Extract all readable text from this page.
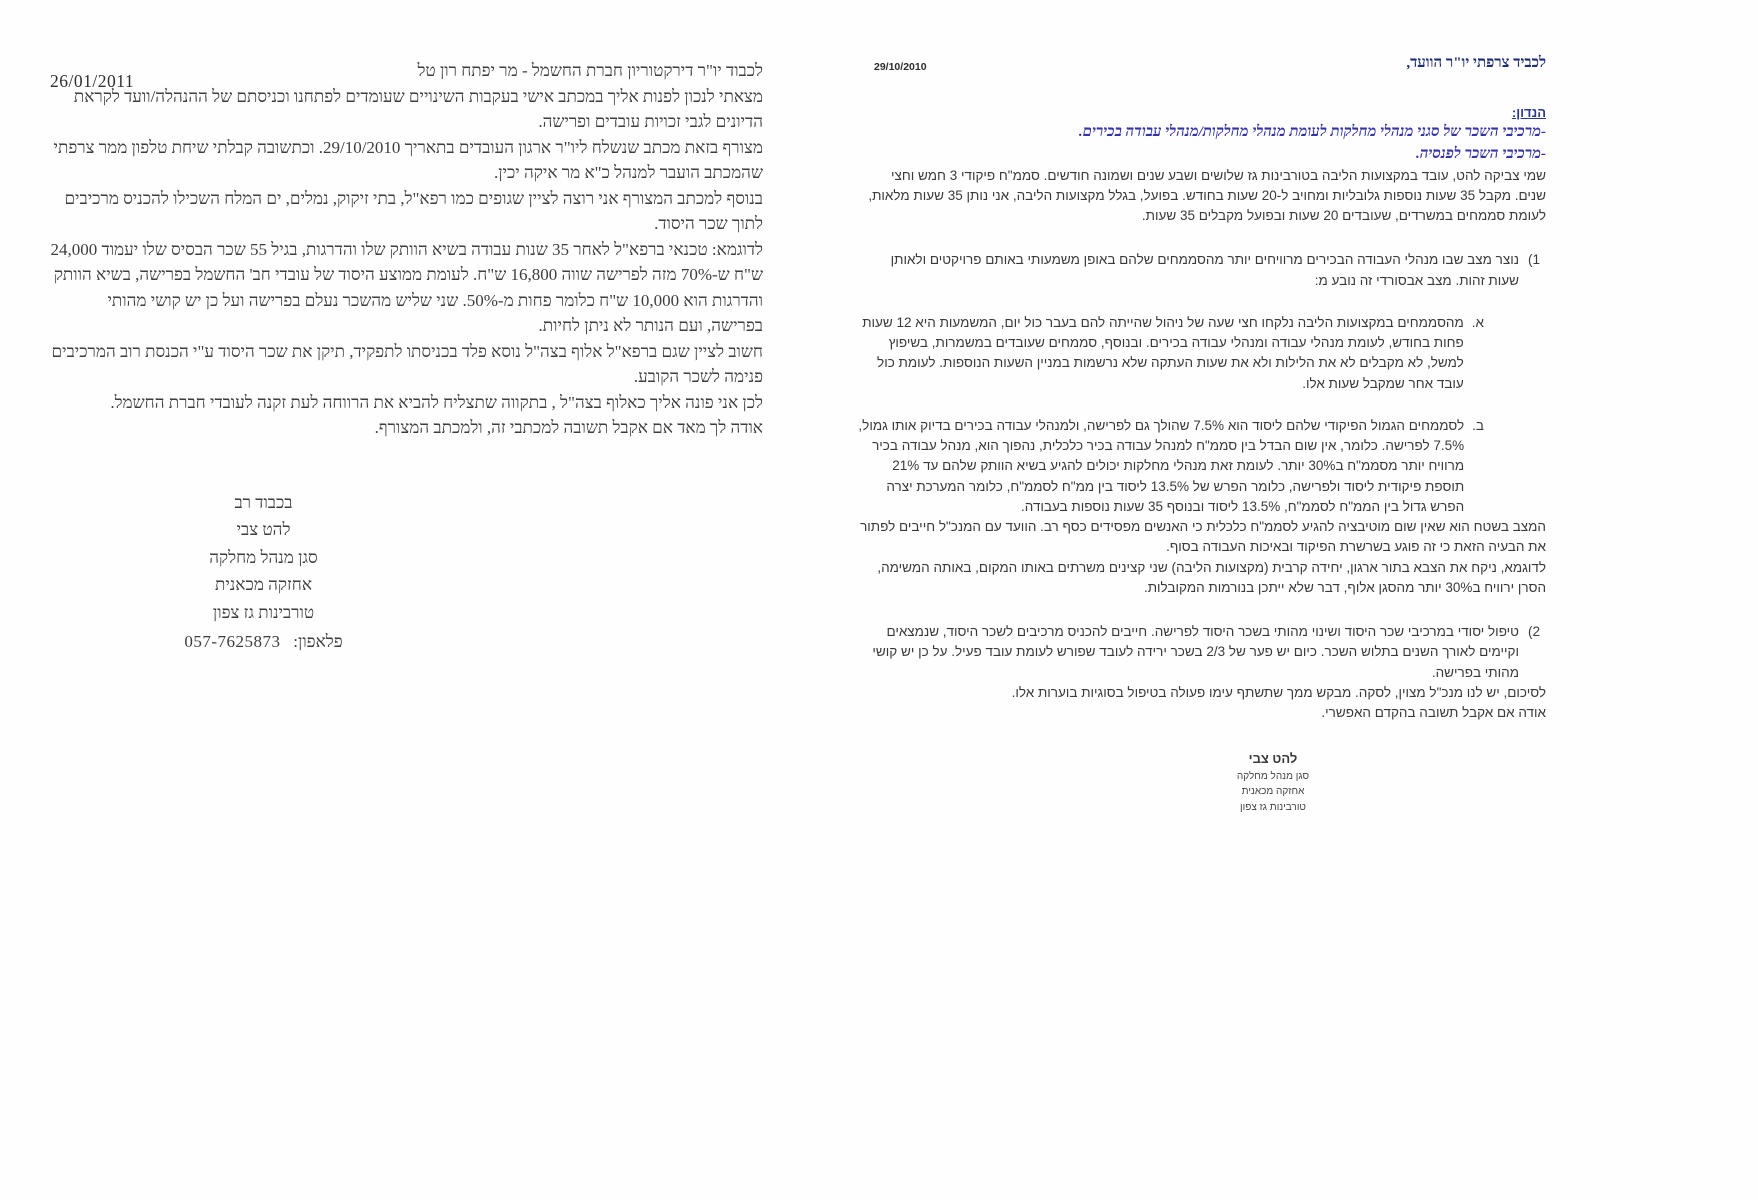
26/01/2011

לכבוד יו"ר דירקטוריון חברת החשמל - מר יפתח רון טל

מצאתי לנכון לפנות אליך במכתב אישי בעקבות השינויים שעומדים לפתחנו וכניסתם של ההנהלה/וועד לקראת הדיונים לגבי זכויות עובדים ופרישה.

מצורף בזאת מכתב שנשלח ליו"ר ארגון העובדים בתאריך 29/10/2010. וכתשובה קבלתי שיחת טלפון ממר צרפתי שהמכתב הועבר למנהל כ"א מר איקה יכין.

בנוסף למכתב המצורף אני רוצה לציין שגופים כמו רפא"ל, בתי זיקוק, נמלים, ים המלח השכילו להכניס מרכיבים לתוך שכר היסוד.

לדוגמא: טכנאי ברפא"ל לאחר 35 שנות עבודה בשיא הוותק שלו והדרגות, בגיל 55 שכר הבסיס שלו יעמוד 24,000 ש"ח ש-70% מזה לפרישה שווה 16,800 ש"ח. לעומת ממוצע היסוד של עובדי חב' החשמל בפרישה, בשיא הוותק והדרגות הוא 10,000 ש"ח כלומר פחות מ-50%. שני שליש מהשכר נעלם בפרישה ועל כן יש קושי מהותי בפרישה, ועם הנותר לא ניתן לחיות.

חשוב לציין שגם ברפא"ל אלוף בצה"ל נוסא פלד בכניסתו לתפקיד, תיקן את שכר היסוד ע"י הכנסת רוב המרכיבים פנימה לשכר הקובע.

לכן אני פונה אליך כאלוף בצה"ל , בתקווה שתצליח להביא את הרווחה לעת זקנה לעובדי חברת החשמל.

אודה לך מאד אם אקבל תשובה למכתבי זה, ולמכתב המצורף.

בכבוד רב
להט צבי
סגן מנהל מחלקה
אחזקה מכאנית
טורבינות גז צפון
פלאפון:   057-7625873
29/10/2010	לכביד צרפתי יו"ר הוועד,

הנדון:
-מרכיבי השכר של סגני מנהלי מחלקות לעומת מנהלי מחלקות/מנהלי עבודה בכירים.
-מרכיבי השכר לפנסיה.

שמי צביקה להט, עובד במקצועות הליבה בטורבינות גז שלושים ושבע שנים ושמונה חודשים. סממ"ח פיקודי 3 חמש וחצי שנים. מקבל 35 שעות נוספות גלובליות ומחויב ל-20 שעות בחודש. בפועל, בגלל מקצועות הליבה, אני נותן 35 שעות מלאות, לעומת סממחים במשרדים, שעובדים 20 שעות ובפועל מקבלים 35 שעות.

(1
נוצר מצב שבו מנהלי העבודה הבכירים מרוויחים יותר מהסממחים שלהם באופן משמעותי באותם פרויקטים ולאותן שעות זהות. מצב אבסורדי זה נובע מ:
א.
מהסממחים במקצועות הליבה נלקחו חצי שעה של ניהול שהייתה להם בעבר כול יום, המשמעות היא 12 שעות פחות בחודש, לעומת מנהלי עבודה ומנהלי עבודה בכירים. ובנוסף, סממחים שעובדים במשמרות, בשיפוץ למשל, לא מקבלים לא את הלילות ולא את שעות העתקה שלא נרשמות במניין השעות הנוספות. לעומת כול עובד אחר שמקבל שעות אלו.
ב.
לסממחים הגמול הפיקודי שלהם ליסוד הוא 7.5% שהולך גם לפרישה, ולמנהלי עבודה בכירים בדיוק אותו גמול, 7.5% לפרישה. כלומר, אין שום הבדל בין סממ"ח למנהל עבודה בכיר כלכלית, נהפוך הוא, מנהל עבודה בכיר מרוויח יותר מסממ"ח ב30% יותר. לעומת זאת מנהלי מחלקות יכולים להגיע בשיא הוותק שלהם עד 21% תוספת פיקודית ליסוד ולפרישה, כלומר הפרש של 13.5% ליסוד בין ממ"ח לסממ"ח, כלומר המערכת יצרה הפרש גדול בין הממ"ח לסממ"ח, 13.5% ליסוד ובנוסף 35 שעות נוספות בעבודה.

המצב בשטח הוא שאין שום מוטיבציה להגיע לסממ"ח כלכלית כי האנשים מפסידים כסף רב. הוועד עם המנכ"ל חייבים לפתור את הבעיה הזאת כי זה פוגע בשרשרת הפיקוד ובאיכות העבודה בסוף.

לדוגמא, ניקח את הצבא בתור ארגון, יחידה קרבית (מקצועות הליבה) שני קצינים משרתים באותו המקום, באותה המשימה, הסרן ירוויח ב30% יותר מהסגן אלוף, דבר שלא ייתכן בנורמות המקובלות.

(2
טיפול יסודי במרכיבי שכר היסוד ושינוי מהותי בשכר היסוד לפרישה. חייבים להכניס מרכיבים לשכר היסוד, שנמצאים וקיימים לאורך השנים בתלוש השכר. כיום יש פער של 2/3 בשכר ירידה לעובד שפורש לעומת עובד פעיל. על כן יש קושי מהותי בפרישה.

לסיכום, יש לנו מנכ"ל מצוין, לסקה. מבקש ממך שתשתף עימו פעולה בטיפול בסוגיות בוערות אלו.

אודה אם אקבל תשובה בהקדם האפשרי.

להט צבי
סגן מנהל מחלקה
אחזקה מכאנית
טורבינות גז צפון
